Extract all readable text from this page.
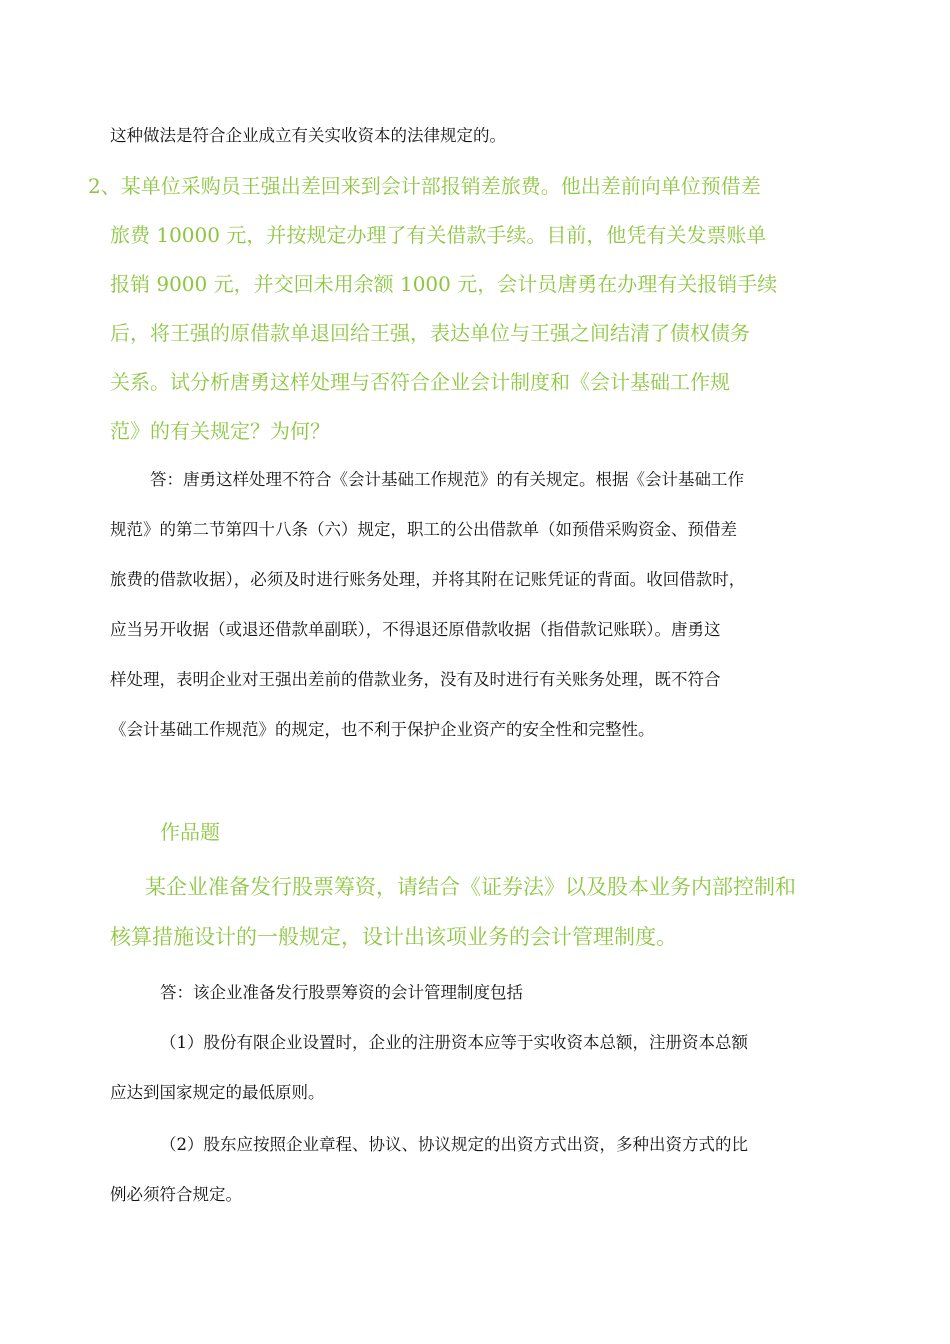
这种做法是符合企业成立有关实收资本的法律规定的。

2、某单位采购员王强出差回来到会计部报销差旅费。他出差前向单位预借差

旅费 10000 元，并按规定办理了有关借款手续。目前，他凭有关发票账单

报销 9000 元，并交回未用余额 1000 元，会计员唐勇在办理有关报销手续

后，将王强的原借款单退回给王强，表达单位与王强之间结清了债权债务

关系。试分析唐勇这样处理与否符合企业会计制度和《会计基础工作规

范》的有关规定？为何？

答：唐勇这样处理不符合《会计基础工作规范》的有关规定。根据《会计基础工作

规范》的第二节第四十八条（六）规定，职工的公出借款单（如预借采购资金、预借差

旅费的借款收据），必须及时进行账务处理，并将其附在记账凭证的背面。收回借款时，

应当另开收据（或退还借款单副联），不得退还原借款收据（指借款记账联）。唐勇这

样处理，表明企业对王强出差前的借款业务，没有及时进行有关账务处理，既不符合

《会计基础工作规范》的规定，也不利于保护企业资产的安全性和完整性。

作品题

某企业准备发行股票筹资，请结合《证券法》以及股本业务内部控制和

核算措施设计的一般规定，设计出该项业务的会计管理制度。

答：该企业准备发行股票筹资的会计管理制度包括

（1）股份有限企业设置时，企业的注册资本应等于实收资本总额，注册资本总额

应达到国家规定的最低原则。

（2）股东应按照企业章程、协议、协议规定的出资方式出资，多种出资方式的比

例必须符合规定。
